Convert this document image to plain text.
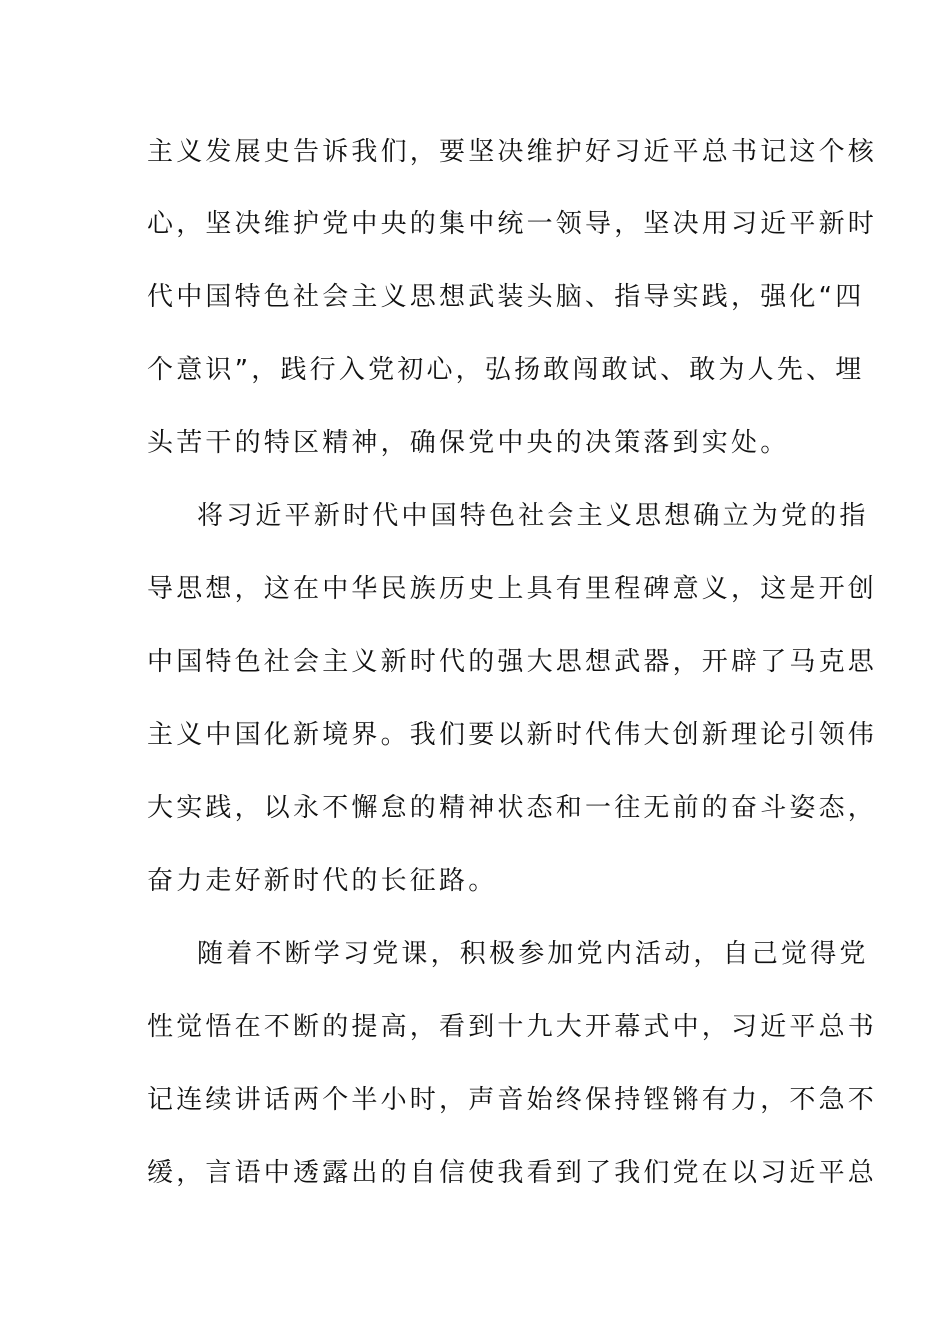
主义发展史告诉我们，要坚决维护好习近平总书记这个核
心，坚决维护党中央的集中统一领导，坚决用习近平新时
代中国特色社会主义思想武装头脑、指导实践，强化“四
个意识”，践行入党初心，弘扬敢闯敢试、敢为人先、埋
头苦干的特区精神，确保党中央的决策落到实处。
将习近平新时代中国特色社会主义思想确立为党的指
导思想，这在中华民族历史上具有里程碑意义，这是开创
中国特色社会主义新时代的强大思想武器，开辟了马克思
主义中国化新境界。我们要以新时代伟大创新理论引领伟
大实践，以永不懈怠的精神状态和一往无前的奋斗姿态，
奋力走好新时代的长征路。
随着不断学习党课，积极参加党内活动，自己觉得党
性觉悟在不断的提高，看到十九大开幕式中，习近平总书
记连续讲话两个半小时，声音始终保持铿锵有力，不急不
缓，言语中透露出的自信使我看到了我们党在以习近平总
